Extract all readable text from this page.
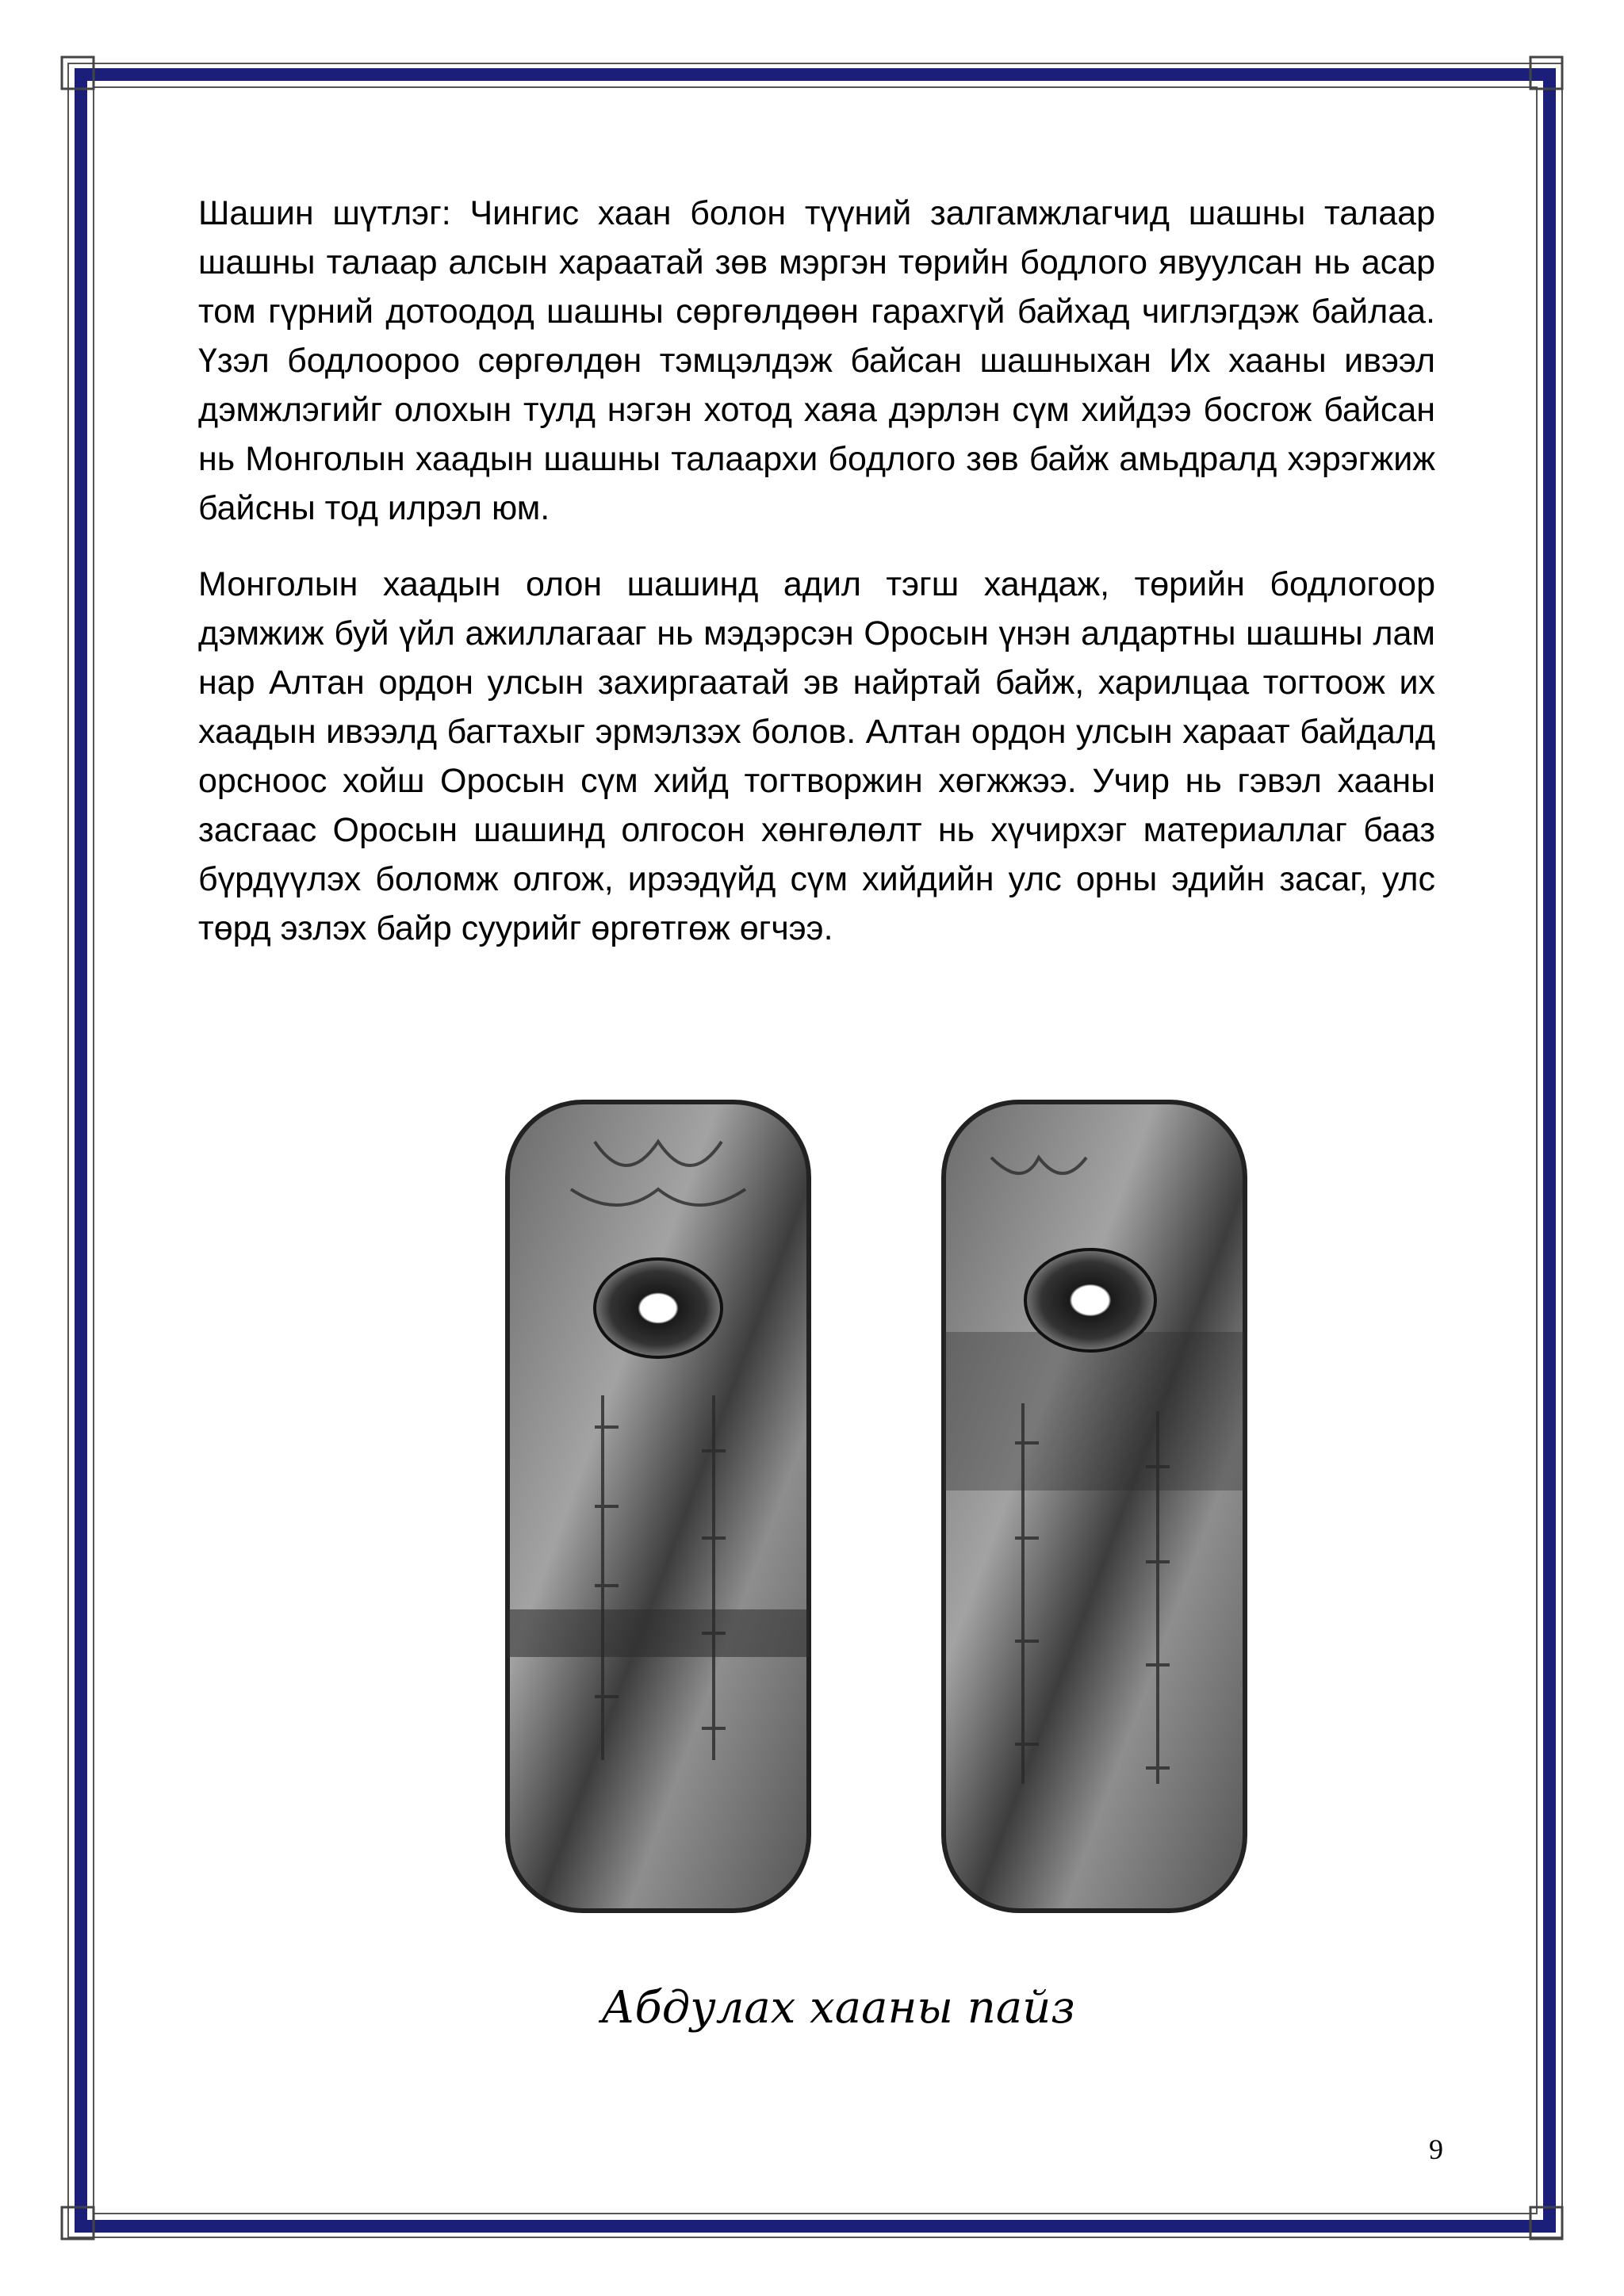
Шашин шүтлэг: Чингис хаан болон түүний залгамжлагчид шашны талаар шашны талаар алсын хараатай зөв мэргэн төрийн бодлого явуулсан нь асар том гүрний дотоодод шашны сөргөлдөөн гарахгүй байхад чиглэгдэж байлаа. Үзэл бодлоороо сөргөлдөн тэмцэлдэж байсан шашныхан Их хааны ивээл дэмжлэгийг олохын тулд нэгэн хотод хаяа дэрлэн сүм хийдээ босгож байсан нь Монголын хаадын шашны талаархи бодлого зөв байж амьдралд хэрэгжиж байсны тод илрэл юм.

Монголын хаадын олон шашинд адил тэгш хандаж, төрийн бодлогоор дэмжиж буй үйл ажиллагааг нь мэдэрсэн Оросын үнэн алдартны шашны лам нар Алтан ордон улсын захиргаатай эв найртай байж, харилцаа тогтоож их хаадын ивээлд багтахыг эрмэлзэх болов. Алтан ордон улсын хараат байдалд орсноос хойш Оросын сүм хийд тогтворжин хөгжжээ. Учир нь гэвэл хааны засгаас Оросын шашинд олгосон хөнгөлөлт нь хүчирхэг материаллаг бааз бүрдүүлэх боломж олгож, ирээдүйд сүм хийдийн улс орны эдийн засаг, улс төрд эзлэх байр суурийг өргөтгөж өгчээ.

Абдулах хааны пайз
9
